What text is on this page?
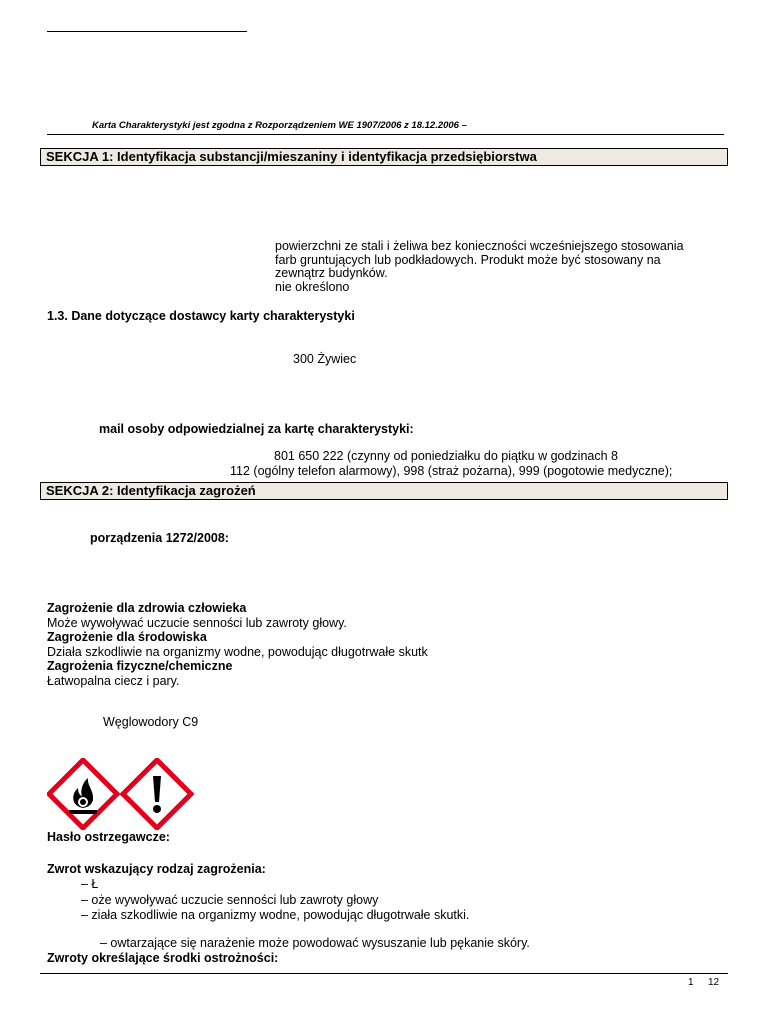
Karta Charakterystyki jest zgodna z Rozporządzeniem WE 1907/2006 z 18.12.2006 –
SEKCJA 1: Identyfikacja substancji/mieszaniny i identyfikacja przedsiębiorstwa
powierzchni ze stali i żeliwa bez konieczności wcześniejszego stosowania
farb gruntujących lub podkładowych. Produkt może być stosowany na
zewnątrz budynków.
nie określono
1.3. Dane dotyczące dostawcy karty charakterystyki
300 Żywiec
mail osoby odpowiedzialnej za kartę charakterystyki:
801 650 222 (czynny od poniedziałku do piątku w godzinach 8
112 (ogólny telefon alarmowy), 998 (straż pożarna), 999 (pogotowie medyczne);
SEKCJA 2: Identyfikacja zagrożeń
porządzenia 1272/2008:
Zagrożenie dla zdrowia człowieka
Może wywoływać uczucie senności lub zawroty głowy.
Zagrożenie dla środowiska
Działa szkodliwie na organizmy wodne, powodując długotrwałe skutk
Zagrożenia fizyczne/chemiczne
Łatwopalna ciecz i pary.
Węglowodory C9
Hasło ostrzegawcze:
Zwrot wskazujący rodzaj zagrożenia:
– Ł
– oże wywoływać uczucie senności lub zawroty głowy
– ziała szkodliwie na organizmy wodne, powodując długotrwałe skutki.
– owtarzające się narażenie może powodować wysuszanie lub pękanie skóry.
Zwroty określające środki ostrożności:
1 12
